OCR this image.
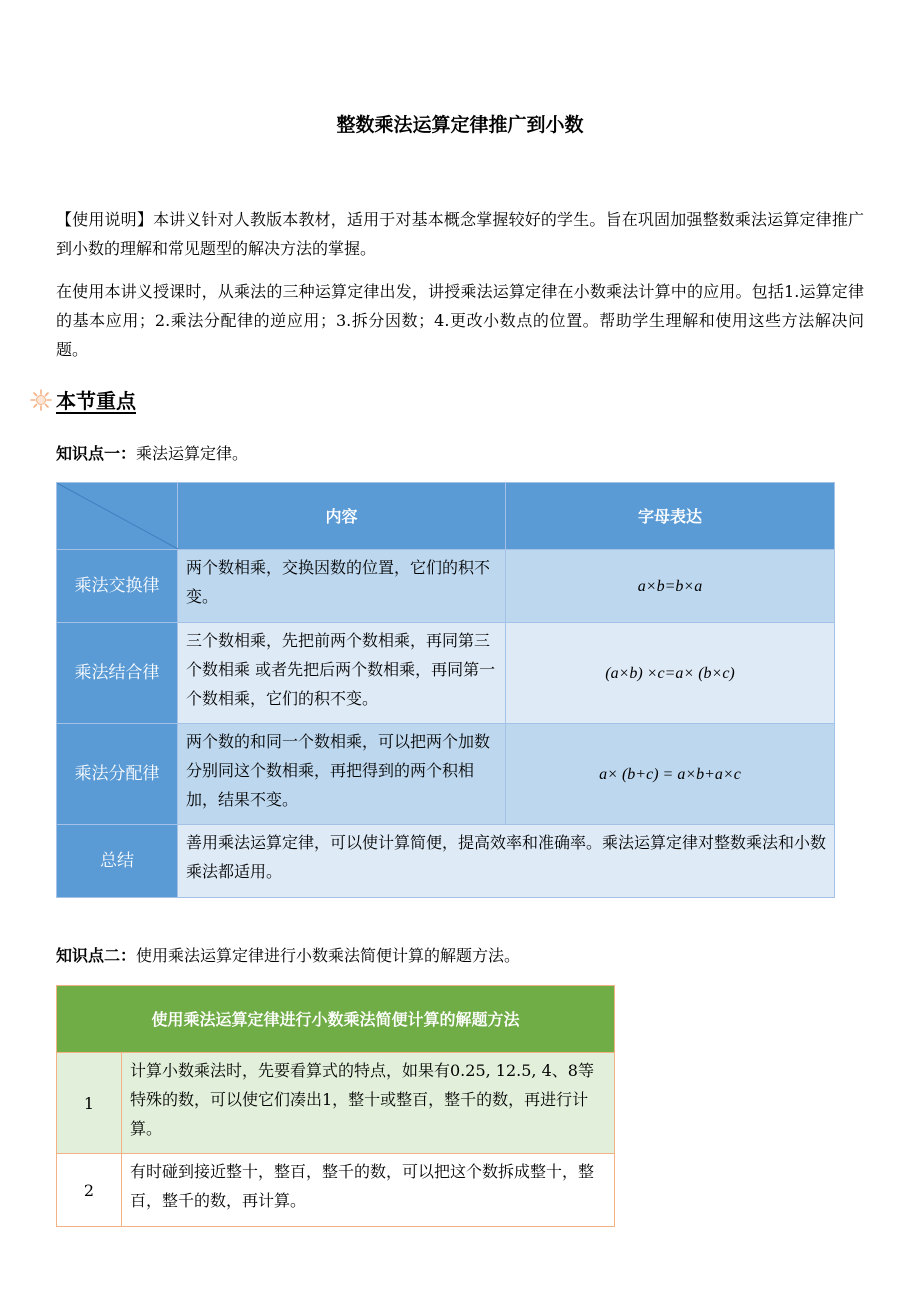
整数乘法运算定律推广到小数

【使用说明】本讲义针对人教版本教材，适用于对基本概念掌握较好的学生。旨在巩固加强整数乘法运算定律推广到小数的理解和常见题型的解决方法的掌握。

在使用本讲义授课时，从乘法的三种运算定律出发，讲授乘法运算定律在小数乘法计算中的应用。包括1.运算定律的基本应用；2.乘法分配律的逆应用；3.拆分因数；4.更改小数点的位置。帮助学生理解和使用这些方法解决问题。

本节重点
知识点一：乘法运算定律。
	内容	字母表达
乘法交换律	两个数相乘，交换因数的位置，它们的积不变。	a×b=b×a
乘法结合律	三个数相乘，先把前两个数相乘，再同第三个数相乘 或者先把后两个数相乘，再同第一个数相乘，它们的积不变。	(a×b) ×c=a× (b×c)
乘法分配律	两个数的和同一个数相乘，可以把两个加数分别同这个数相乘，再把得到的两个积相加，结果不变。	a× (b+c) = a×b+a×c
总结	善用乘法运算定律，可以使计算简便，提高效率和准确率。乘法运算定律对整数乘法和小数乘法都适用。	
知识点二：使用乘法运算定律进行小数乘法简便计算的解题方法。
使用乘法运算定律进行小数乘法简便计算的解题方法	
1	计算小数乘法时，先要看算式的特点，如果有0.25, 12.5, 4、8等特殊的数，可以使它们凑出1，整十或整百，整千的数，再进行计算。
2	有时碰到接近整十，整百，整千的数，可以把这个数拆成整十，整百，整千的数，再计算。
